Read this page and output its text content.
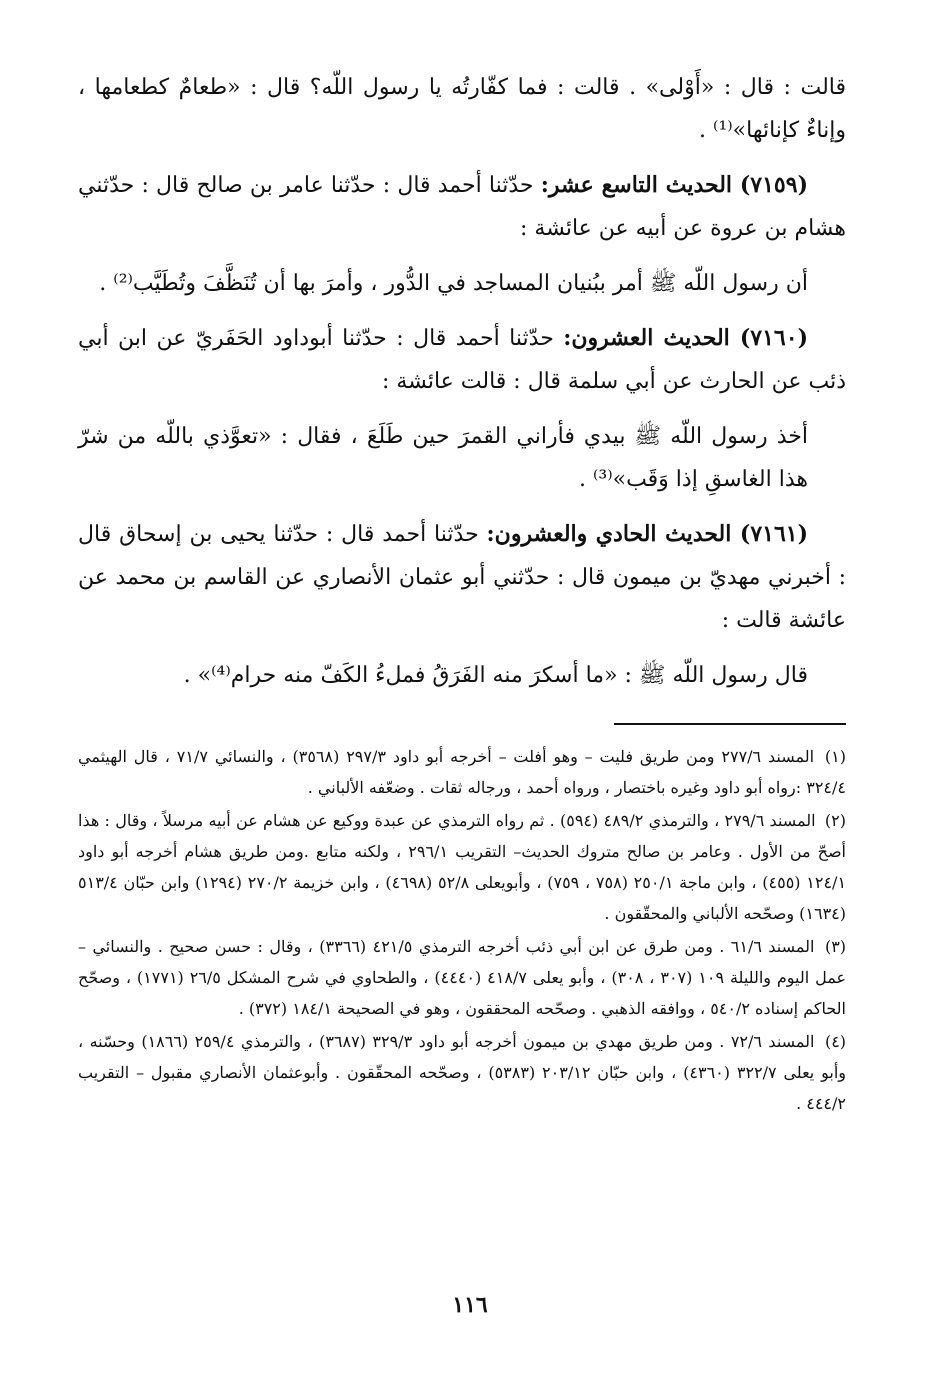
قالت : قال : «أَوْلى» . قالت : فما كفّارتُه يا رسول اللّه؟ قال : «طعامٌ كطعامها ، وإناءٌ كإنائها»⁽¹⁾ .

(٧١٥٩) الحديث التاسع عشر: حدّثنا أحمد قال : حدّثنا عامر بن صالح قال : حدّثني هشام بن عروة عن أبيه عن عائشة :

أن رسول اللّه ﷺ أمر ببُنيان المساجد في الدُّور ، وأمرَ بها أن تُنَظَّفَ وتُطَيَّب⁽²⁾ .

(٧١٦٠) الحديث العشرون: حدّثنا أحمد قال : حدّثنا أبوداود الحَفَريّ عن ابن أبي ذئب عن الحارث عن أبي سلمة قال : قالت عائشة :

أخذ رسول اللّه ﷺ بيدي فأراني القمرَ حين طَلَعَ ، فقال : «تعوَّذي باللّه من شرّ هذا الغاسقِ إذا وَقَب»⁽³⁾ .

(٧١٦١) الحديث الحادي والعشرون: حدّثنا أحمد قال : حدّثنا يحيى بن إسحاق قال : أخبرني مهديّ بن ميمون قال : حدّثني أبو عثمان الأنصاري عن القاسم بن محمد عن عائشة قالت :

قال رسول اللّه ﷺ : «ما أسكرَ منه الفَرَقُ فملءُ الكَفّ منه حرام⁽⁴⁾» .

(١) المسند ٢٧٧/٦ ومن طريق فليت – وهو أفلت – أخرجه أبو داود ٢٩٧/٣ (٣٥٦٨) ، والنسائي ٧١/٧ ، قال الهيثمي ٣٢٤/٤ :رواه أبو داود وغيره باختصار ، ورواه أحمد ، ورجاله ثقات . وضعّفه الألباني .

(٢) المسند ٢٧٩/٦ ، والترمذي ٤٨٩/٢ (٥٩٤) . ثم رواه الترمذي عن عبدة ووكيع عن هشام عن أبيه مرسلاً ، وقال : هذا أصحّ من الأول . وعامر بن صالح متروك الحديث– التقريب ٢٩٦/١ ، ولكنه متابع .ومن طريق هشام أخرجه أبو داود ١٢٤/١ (٤٥٥) ، وابن ماجة ٢٥٠/١ (٧٥٨ ، ٧٥٩) ، وأبويعلى ٥٢/٨ (٤٦٩٨) ، وابن خزيمة ٢٧٠/٢ (١٢٩٤) وابن حبّان ٥١٣/٤ (١٦٣٤) وصحّحه الألباني والمحقّقون .

(٣) المسند ٦١/٦ . ومن طرق عن ابن أبي ذئب أخرجه الترمذي ٤٢١/٥ (٣٣٦٦) ، وقال : حسن صحيح . والنسائي – عمل اليوم والليلة ١٠٩ (٣٠٧ ، ٣٠٨) ، وأبو يعلى ٤١٨/٧ (٤٤٤٠) ، والطحاوي في شرح المشكل ٢٦/٥ (١٧٧١) ، وصحّح الحاكم إسناده ٥٤٠/٢ ، ووافقه الذهبي . وصحّحه المحققون ، وهو في الصحيحة ١٨٤/١ (٣٧٢) .

(٤) المسند ٧٢/٦ . ومن طريق مهدي بن ميمون أخرجه أبو داود ٣٢٩/٣ (٣٦٨٧) ، والترمذي ٢٥٩/٤ (١٨٦٦) وحسّنه ، وأبو يعلى ٣٢٢/٧ (٤٣٦٠) ، وابن حبّان ٢٠٣/١٢ (٥٣٨٣) ، وصحّحه المحقّقون . وأبوعثمان الأنصاري مقبول – التقريب ٤٤٤/٢ .

١١٦
